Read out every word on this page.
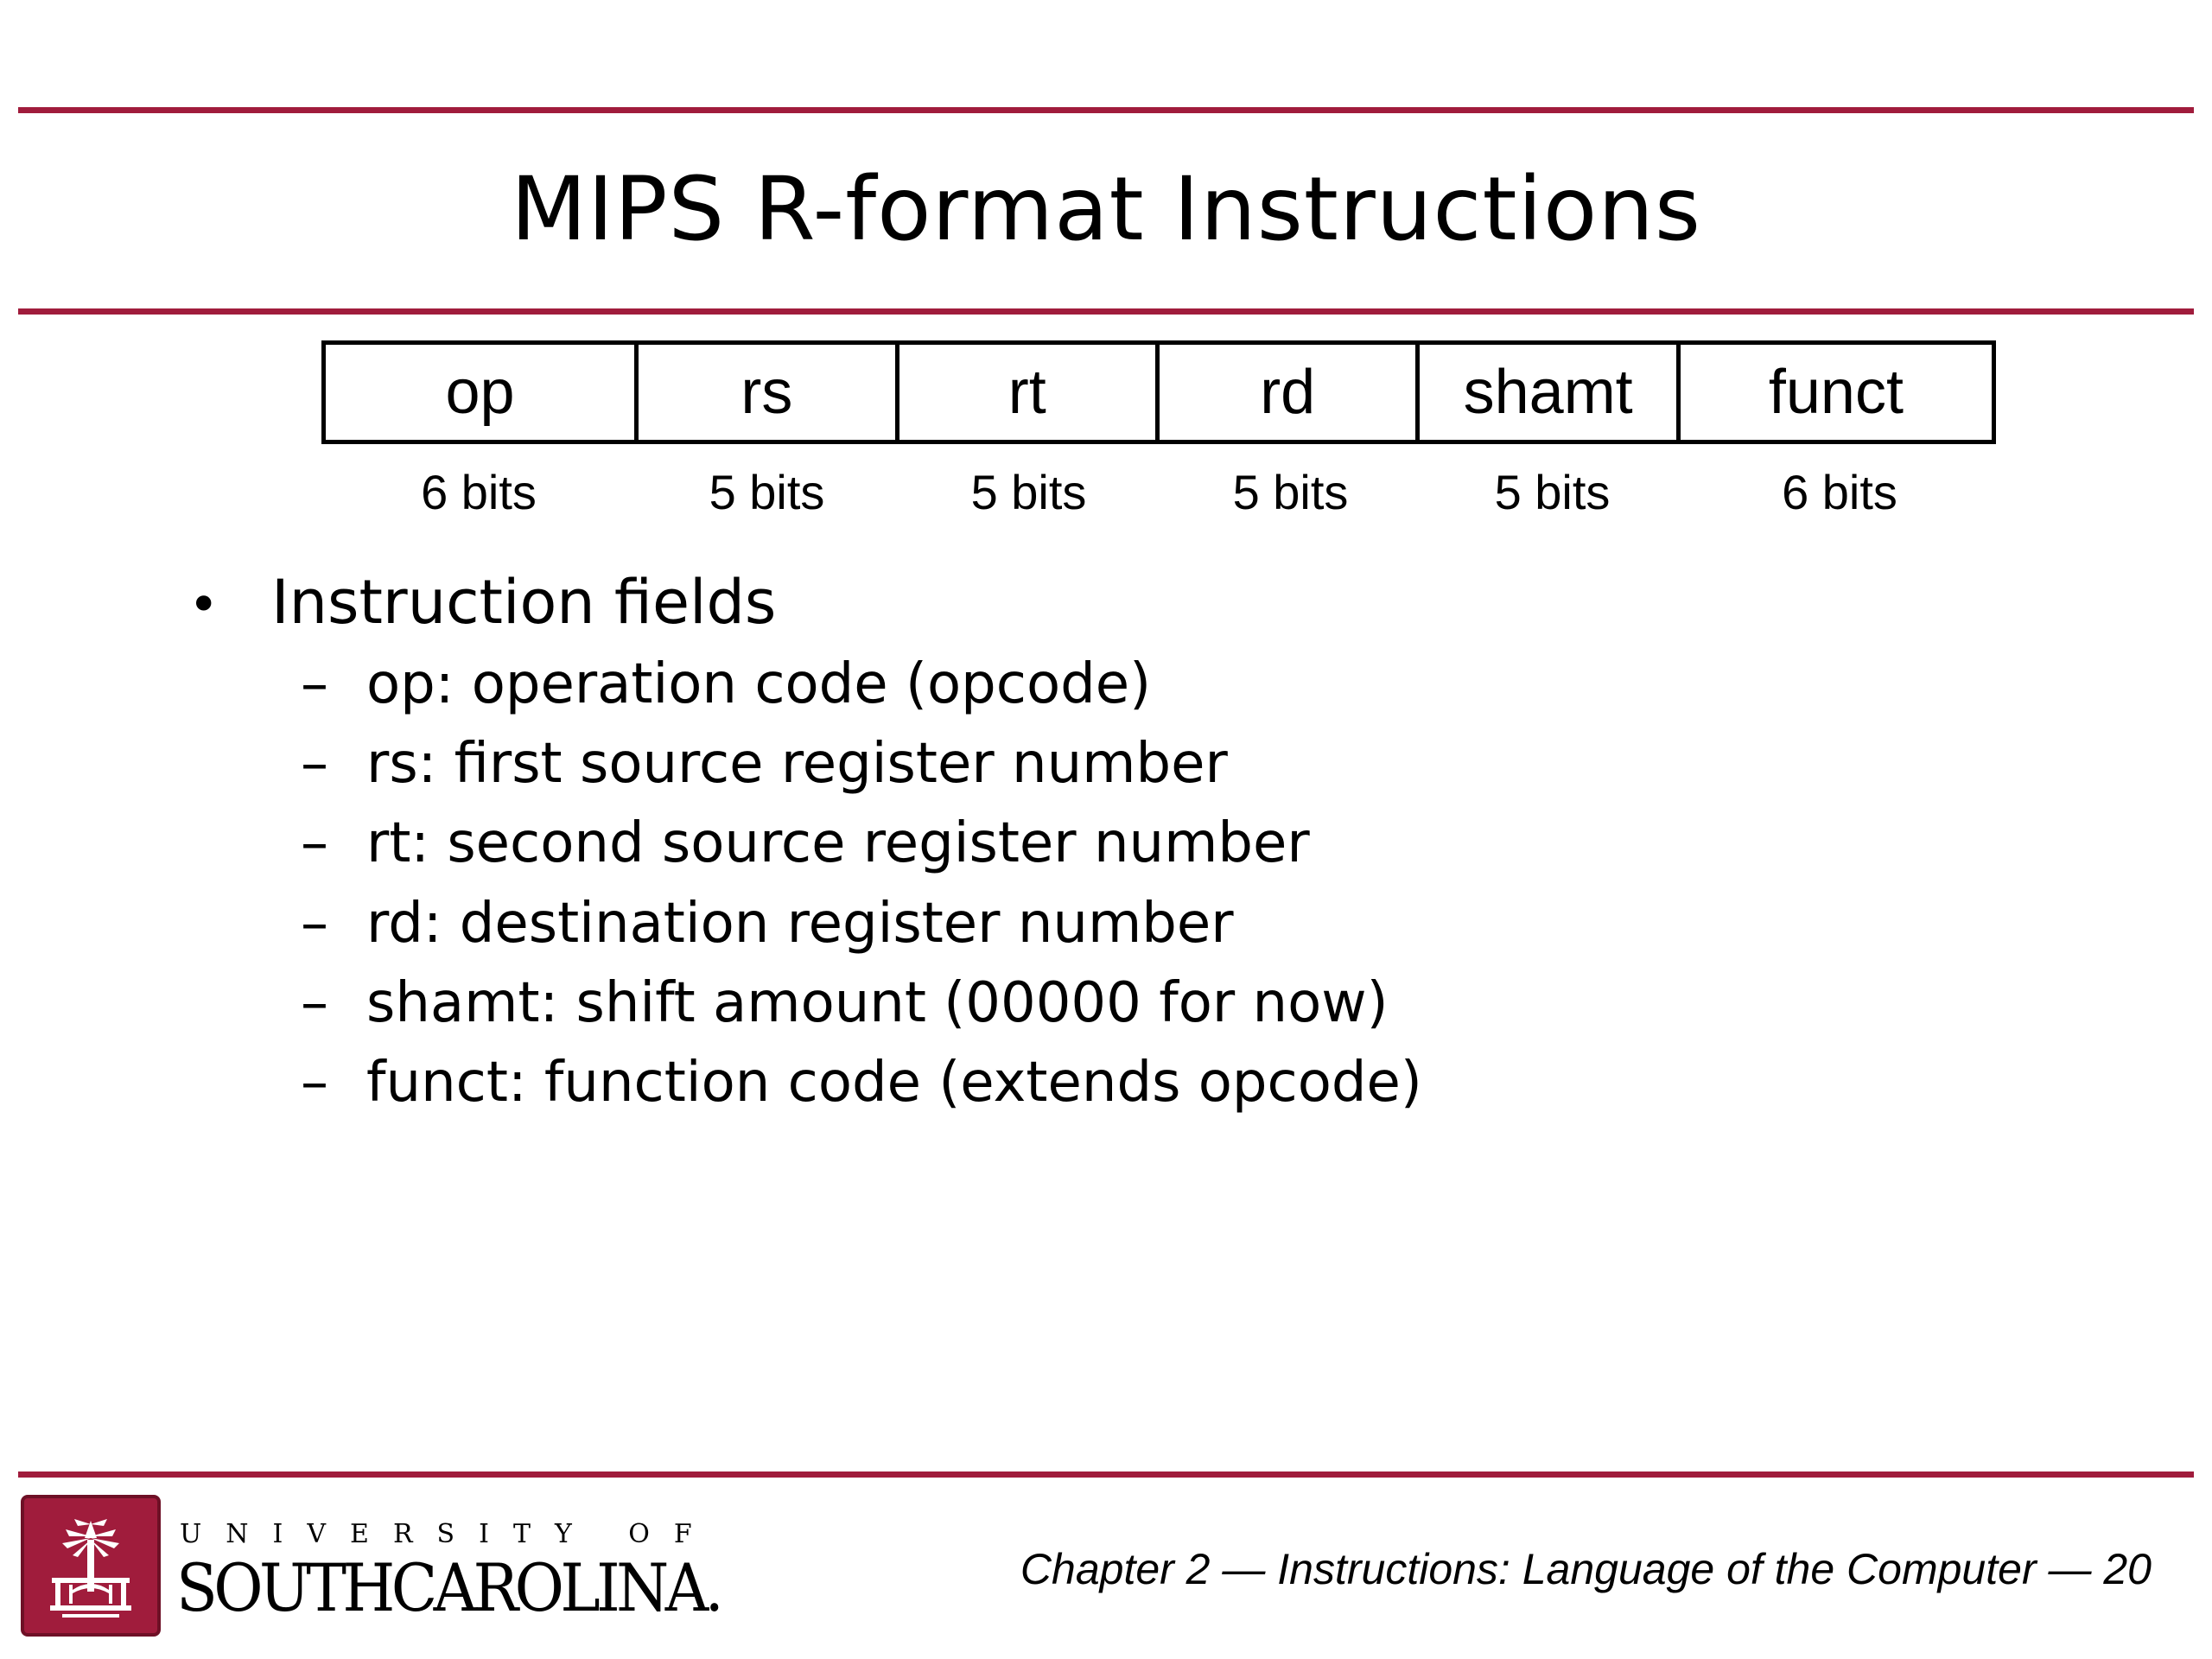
MIPS R-format Instructions
op	rs	rt	rd	shamt	funct
6 bits	5 bits	5 bits	5 bits	5 bits	6 bits
• Instruction fields
– op: operation code (opcode)
– rs: first source register number
– rt: second source register number
– rd: destination register number
– shamt: shift amount (00000 for now)
– funct: function code (extends opcode)
UNIVERSITY OF
SOUTHCAROLINA.	Chapter 2 — Instructions: Language of the Computer — 20
